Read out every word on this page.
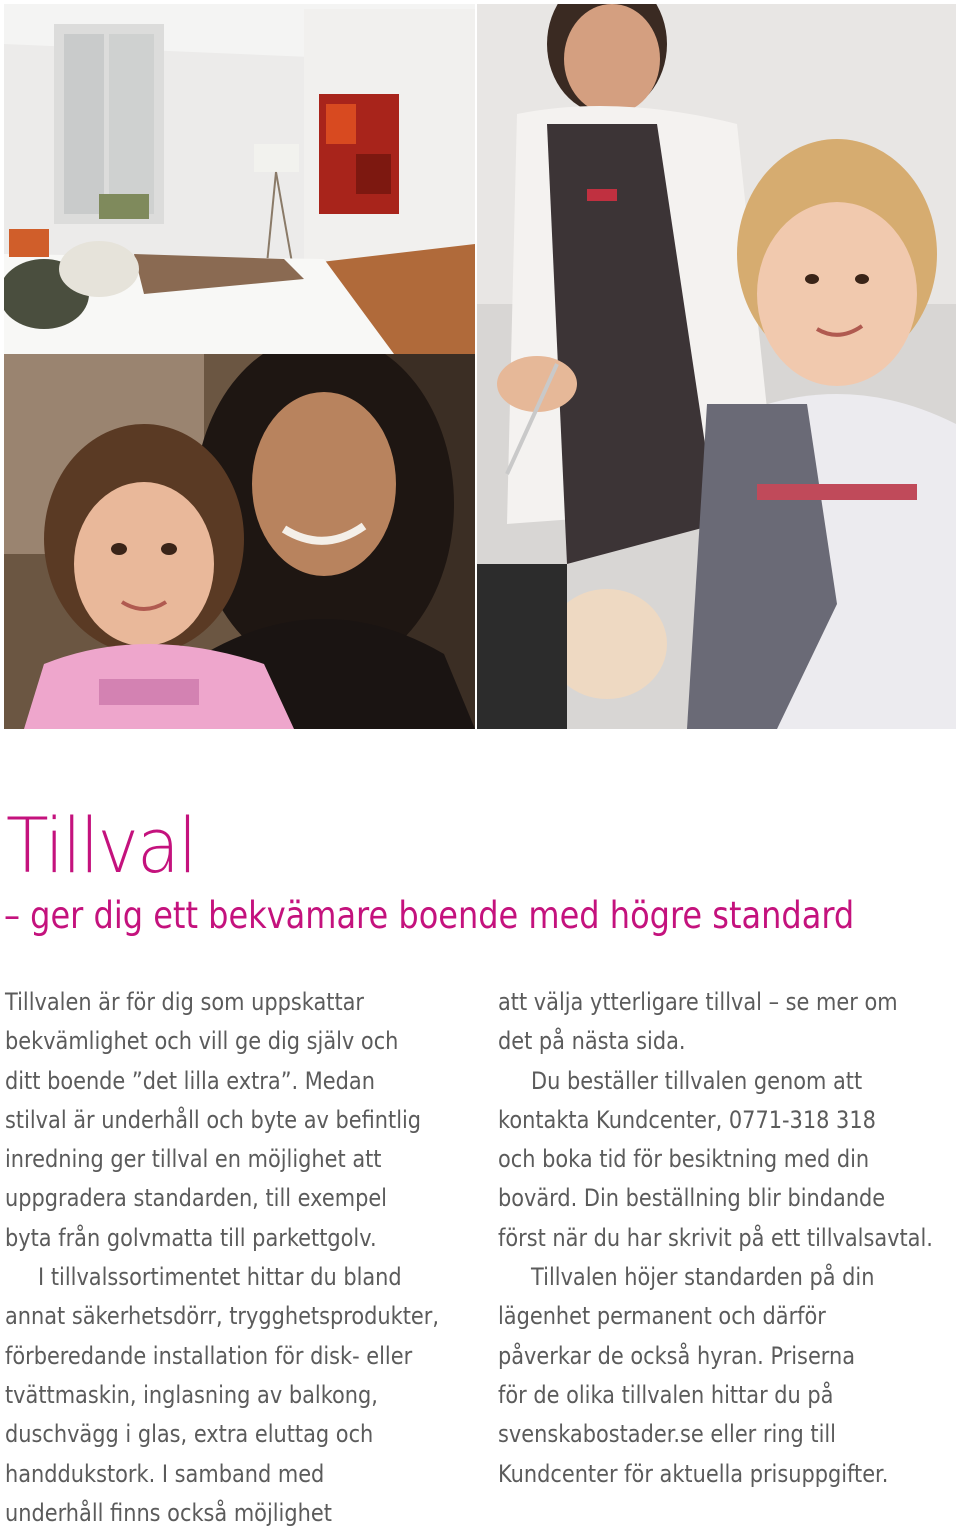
Tillval
– ger dig ett bekvämare boende med högre standard

Tillvalen är för dig som uppskattar

bekvämlighet och vill ge dig själv och

ditt boende ”det lilla extra”. Medan

stilval är underhåll och byte av befintlig

inredning ger tillval en möjlighet att

uppgradera standarden, till exempel

byta från golvmatta till parkettgolv.

I tillvalssortimentet hittar du bland

annat säkerhetsdörr, trygghetsprodukter,

förberedande installation för disk- eller

tvättmaskin, inglasning av balkong,

duschvägg i glas, extra eluttag och

handdukstork. I samband med

underhåll finns också möjlighet

att välja ytterligare tillval – se mer om

det på nästa sida.

Du beställer tillvalen genom att

kontakta Kundcenter, 0771-318 318

och boka tid för besiktning med din

bovärd. Din beställning blir bindande

först när du har skrivit på ett tillvalsavtal.

Tillvalen höjer standarden på din

lägenhet permanent och därför

påverkar de också hyran. Priserna

för de olika tillvalen hittar du på

svenskabostader.se eller ring till

Kundcenter för aktuella prisuppgifter.
